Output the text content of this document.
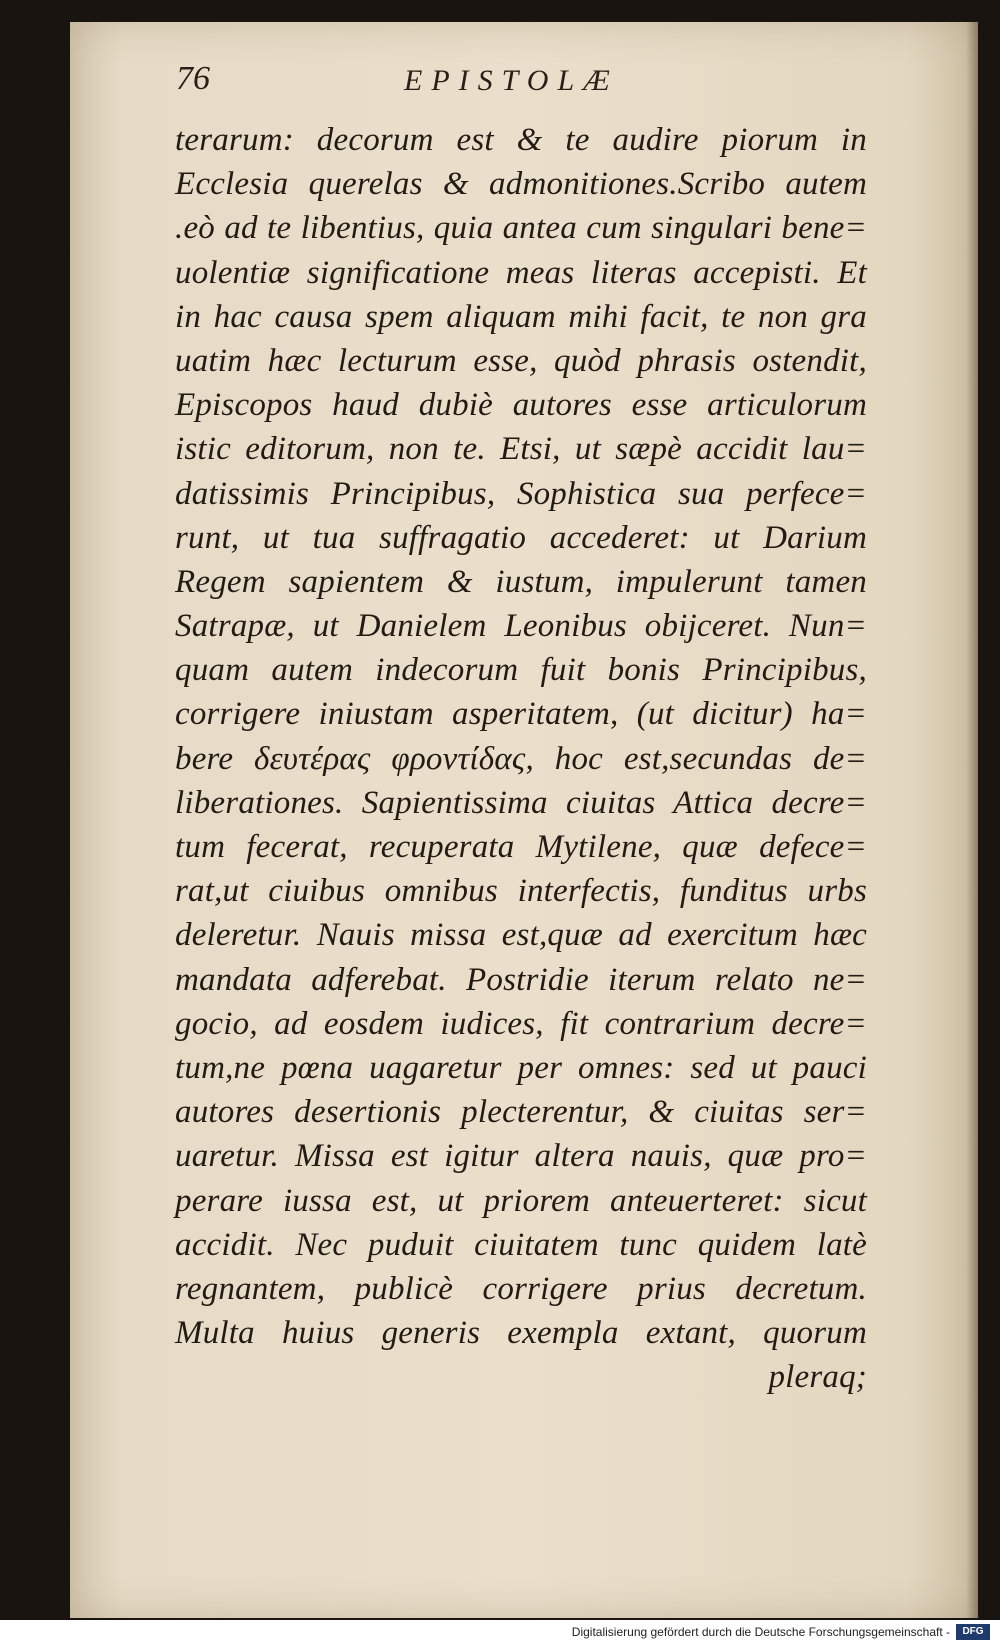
76	EPISTOLÆ
terarum: decorum est & te audire piorum in
Ecclesia querelas & admonitiones.Scribo autem
.eò ad te libentius, quia antea cum singulari bene=
uolentiæ significatione meas literas accepisti. Et
in hac causa spem aliquam mihi facit, te non gra
uatim hæc lecturum esse, quòd phrasis ostendit,
Episcopos haud dubiè autores esse articulorum
istic editorum, non te. Etsi, ut sæpè accidit lau=
datissimis Principibus, Sophistica sua perfece=
runt, ut tua suffragatio accederet: ut Darium
Regem sapientem & iustum, impulerunt tamen
Satrapæ, ut Danielem Leonibus obijceret. Nun=
quam autem indecorum fuit bonis Principibus,
corrigere iniustam asperitatem, (ut dicitur) ha=
bere δευτέρας φροντίδας, hoc est,secundas de=
liberationes. Sapientissima ciuitas Attica decre=
tum fecerat, recuperata Mytilene, quæ defece=
rat,ut ciuibus omnibus interfectis, funditus urbs
deleretur. Nauis missa est,quæ ad exercitum hæc
mandata adferebat. Postridie iterum relato ne=
gocio, ad eosdem iudices, fit contrarium decre=
tum,ne pœna uagaretur per omnes: sed ut pauci
autores desertionis plecterentur, & ciuitas ser=
uaretur. Missa est igitur altera nauis, quæ pro=
perare iussa est, ut priorem anteuerteret: sicut
accidit. Nec puduit ciuitatem tunc quidem latè
regnantem, publicè corrigere prius decretum.
Multa huius generis exempla extant, quorum
pleraq;
Digitalisierung gefördert durch die Deutsche Forschungsgemeinschaft -	DFG
